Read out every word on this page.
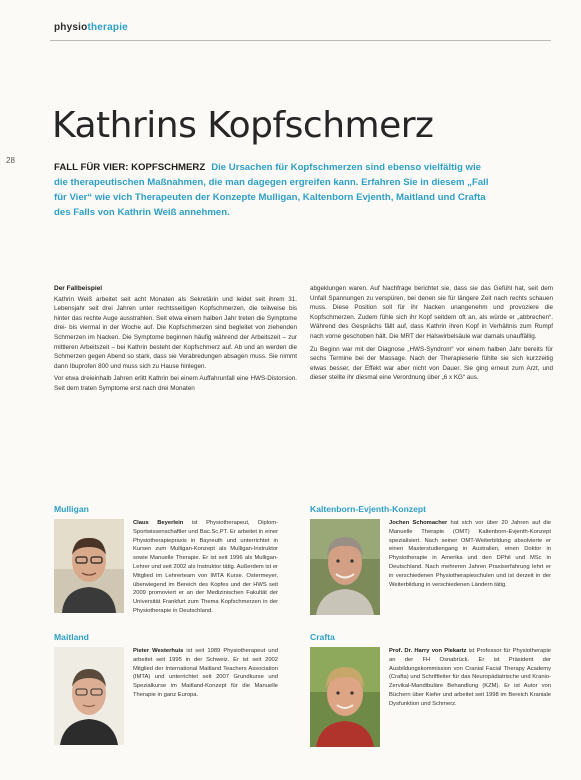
physiotherapie
28
Kathrins Kopfschmerz
FALL FÜR VIER: KOPFSCHMERZ Die Ursachen für Kopfschmerzen sind ebenso vielfältig wie die therapeutischen Maßnahmen, die man dagegen ergreifen kann. Erfahren Sie in diesem „Fall für Vier“ wie vich Therapeuten der Konzepte Mulligan, Kaltenborn Evjenth, Maitland und Crafta des Falls von Kathrin Weiß annehmen.
Der Fallbeispiel

Kathrin Weiß arbeitet seit acht Monaten als Sekretärin und leidet seit ihrem 31. Lebensjahr seit drei Jahren unter rechtsseitigen Kopfschmerzen, die teilweise bis hinter das rechte Auge ausstrahlen. Seit etwa einem halben Jahr treten die Symptome drei- bis viermal in der Woche auf. Die Kopfschmerzen sind begleitet von ziehenden Schmerzen im Nacken. Die Symptome beginnen häufig während der Arbeitszeit – zur mittleren Arbeitszeit – bei Kathrin besteht der Kopfschmerz auf. Ab und an werden die Schmerzen gegen Abend so stark, dass sie Verabredungen absagen muss. Sie nimmt dann Ibuprofen 800 und muss sich zu Hause hinlegen.

Vor etwa dreieinhalb Jahren erlitt Kathrin bei einem Auffahrunfall eine HWS-Distorsion. Seit dem traten Symptome erst nach drei Monaten

abgeklungen waren. Auf Nachfrage berichtet sie, dass sie das Gefühl hat, seit dem Unfall Spannungen zu verspüren, bei denen sie für längere Zeit nach rechts schauen muss. Diese Position soll für ihr Nacken unangenehm und provoziere die Kopfschmerzen. Zudem fühle sich ihr Kopf seitdem oft an, als würde er „abbrechen“. Während des Gesprächs fällt auf, dass Kathrin ihren Kopf in Verhältnis zum Rumpf nach vorne geschoben hält. Die MRT der Halswirbelsäule war damals unauffällig.

Zu Beginn war mit der Diagnose „HWS-Syndrom“ vor einem halben Jahr bereits für sechs Termine bei der Massage. Nach der Therapieserie fühlte sie sich kurzzeitig etwas besser, der Effekt war aber nicht von Dauer. Sie ging erneut zum Arzt, und dieser stellte ihr diesmal eine Verordnung über „6 x KG“ aus.

Mulligan
Claus Beyerlein ist Physiotherapeut, Diplom-Sportwissenschaftler und Bac.Sc.PT. Er arbeitet in einer Physiotherapiepraxis in Bayreuth und unterrichtet in Kursen zum Mulligan-Konzept als Mulligan-Instruktor sowie Manuelle Therapie. Er ist seit 1996 als Mulligan-Lehrer und seit 2002 als Instruktor tätig. Außerdem ist er Mitglied im Lehrerteam von IMTA Kurse. Ostermeyer, überwiegend im Bereich des Kopfes und der HWS seit 2009 promoviert er an der Medizinischen Fakultät der Universität Frankfurt zum Thema Kopfschmerzen in der Physiotherapie in Deutschland.
Kaltenborn-Evjenth-Konzept
Jochen Schomacher hat sich vor über 20 Jahren auf die Manuelle Therapie (OMT) Kaltenborn-Evjenth-Konzept spezialisiert. Nach seiner OMT-Weiterbildung absolvierte er einen Masterstudiengang in Australien, einen Doktor in Physiotherapie in Amerika und den DPhil und MSc in Deutschland. Nach mehreren Jahren Praxiserfahrung lehrt er in verschiedenen Physiotherapieschulen und ist derzeit in der Weiterbildung in verschiedenen Ländern tätig.
Maitland
Pieter Westerhuis ist seit 1989 Physiotherapeut und arbeitet seit 1995 in der Schweiz. Er ist seit 2002 Mitglied der International Maitland Teachers Association (IMTA) und unterrichtet seit 2007 Grundkurse und Spezialkurse im Maitland-Konzept für die Manuelle Therapie in ganz Europa.
Crafta
Prof. Dr. Harry von Piekartz ist Professor für Physiotherapie an der FH Osnabrück. Er ist Präsident der Ausbildungskommission von Cranial Facial Therapy Academy (Crafta) und Schriftleiter für das Neuropädiatrische und Kranio-Zervikal-Mandibuläre Behandlung (KZM). Er ist Autor von Büchern über Kiefer und arbeitet seit 1998 im Bereich Kraniale Dysfunktion und Schmerz.
